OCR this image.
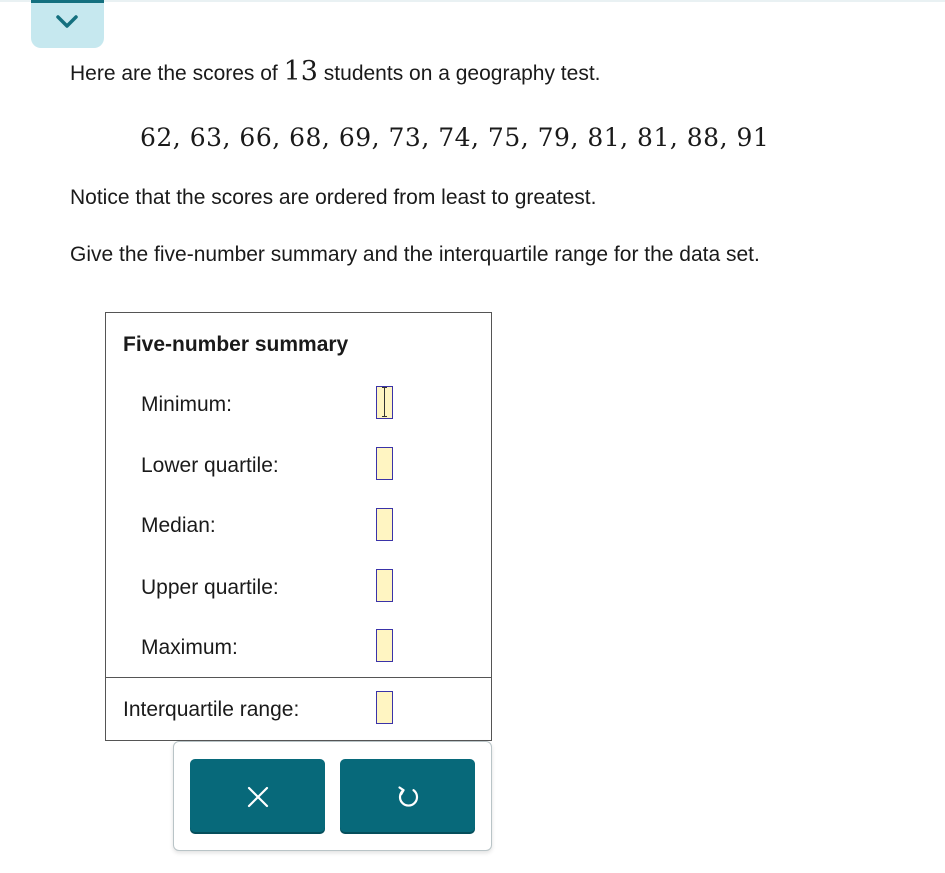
Here are the scores of 13 students on a geography test.
62, 63, 66, 68, 69, 73, 74, 75, 79, 81, 81, 88, 91
Notice that the scores are ordered from least to greatest.
Give the five-number summary and the interquartile range for the data set.
Five-number summary
Minimum:
Lower quartile:
Median:
Upper quartile:
Maximum:
Interquartile range:
